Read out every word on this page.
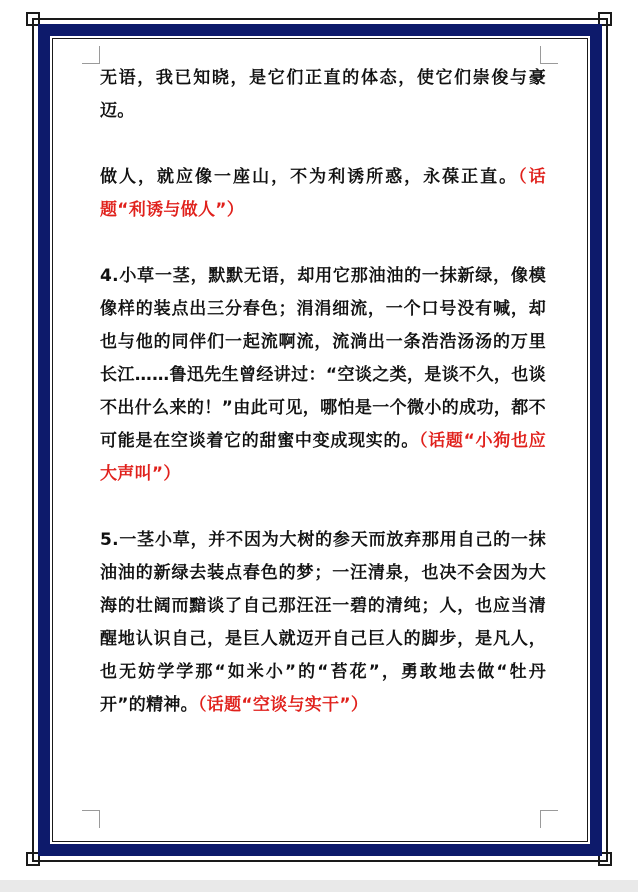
无语，我已知晓，是它们正直的体态，使它们崇俊与豪迈。

做人，就应像一座山，不为利诱所惑，永葆正直。（话题“利诱与做人”）

4.小草一茎，默默无语，却用它那油油的一抹新绿，像模像样的装点出三分春色；涓涓细流，一个口号没有喊，却也与他的同伴们一起流啊流，流淌出一条浩浩汤汤的万里长江……鲁迅先生曾经讲过：“空谈之类，是谈不久，也谈不出什么来的！”由此可见，哪怕是一个微小的成功，都不可能是在空谈着它的甜蜜中变成现实的。（话题“小狗也应大声叫”）

5.一茎小草，并不因为大树的参天而放弃那用自己的一抹油油的新绿去装点春色的梦；一汪清泉，也决不会因为大海的壮阔而黯谈了自己那汪汪一碧的清纯；人，也应当清醒地认识自己，是巨人就迈开自己巨人的脚步，是凡人，也无妨学学那“如米小”的“苔花”，勇敢地去做“牡丹开”的精神。（话题“空谈与实干”）
